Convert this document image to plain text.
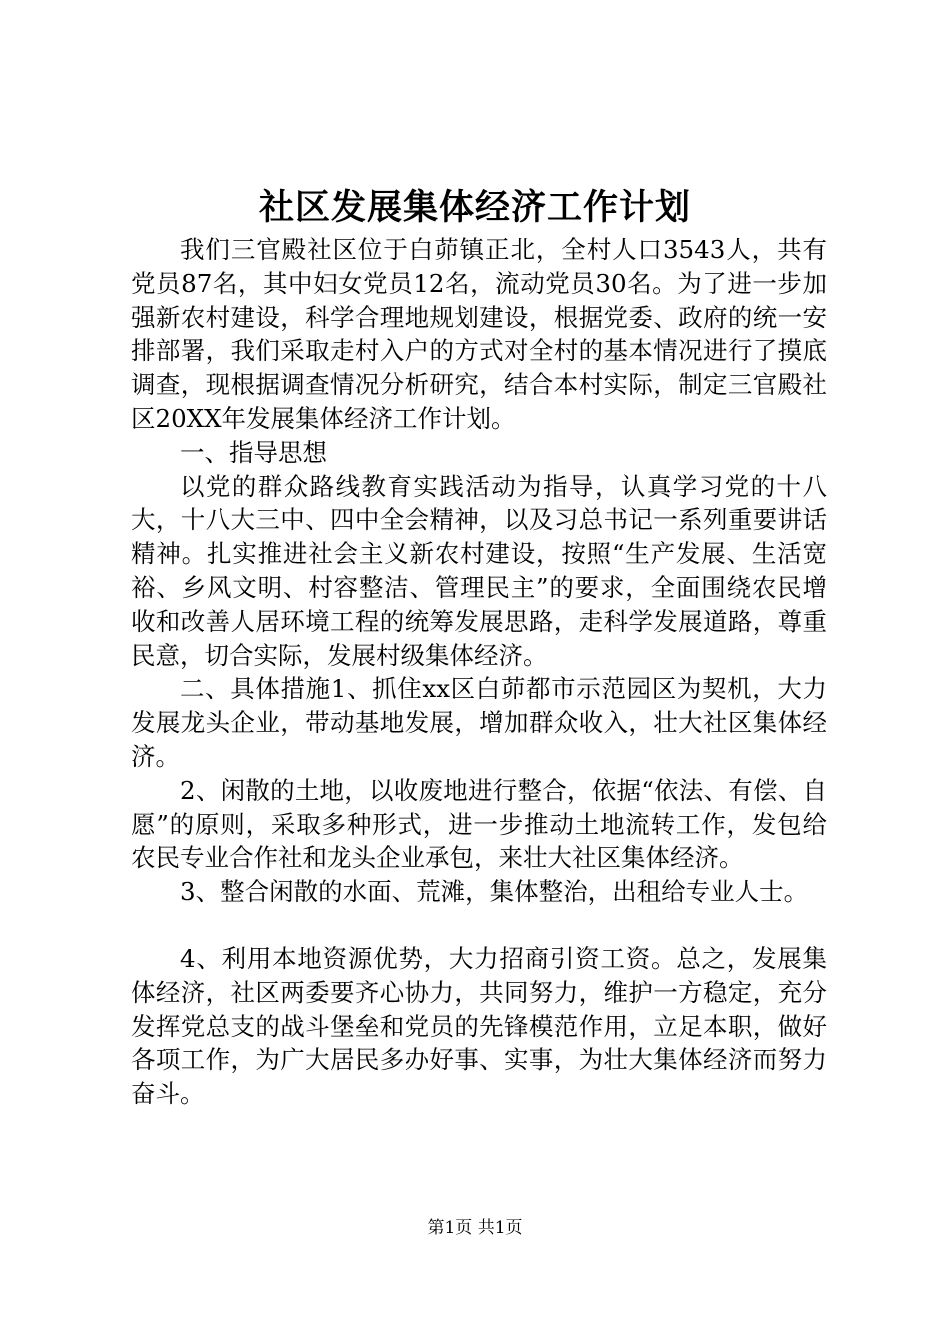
社区发展集体经济工作计划

我们三官殿社区位于白茆镇正北，全村人口3543人，共有党员87名，其中妇女党员12名，流动党员30名。为了进一步加强新农村建设，科学合理地规划建设，根据党委、政府的统一安排部署，我们采取走村入户的方式对全村的基本情况进行了摸底调查，现根据调查情况分析研究，结合本村实际，制定三官殿社区20XX年发展集体经济工作计划。

一、指导思想

以党的群众路线教育实践活动为指导，认真学习党的十八大，十八大三中、四中全会精神，以及习总书记一系列重要讲话精神。扎实推进社会主义新农村建设，按照“生产发展、生活宽裕、乡风文明、村容整洁、管理民主”的要求，全面围绕农民增收和改善人居环境工程的统筹发展思路，走科学发展道路，尊重民意，切合实际，发展村级集体经济。

二、具体措施1、抓住xx区白茆都市示范园区为契机，大力发展龙头企业，带动基地发展，增加群众收入，壮大社区集体经济。

2、闲散的土地，以收废地进行整合，依据“依法、有偿、自愿”的原则，采取多种形式，进一步推动土地流转工作，发包给农民专业合作社和龙头企业承包，来壮大社区集体经济。

3、整合闲散的水面、荒滩，集体整治，出租给专业人士。

4、利用本地资源优势，大力招商引资工资。总之，发展集体经济，社区两委要齐心协力，共同努力，维护一方稳定，充分发挥党总支的战斗堡垒和党员的先锋模范作用，立足本职，做好各项工作，为广大居民多办好事、实事，为壮大集体经济而努力奋斗。

第1页 共1页
